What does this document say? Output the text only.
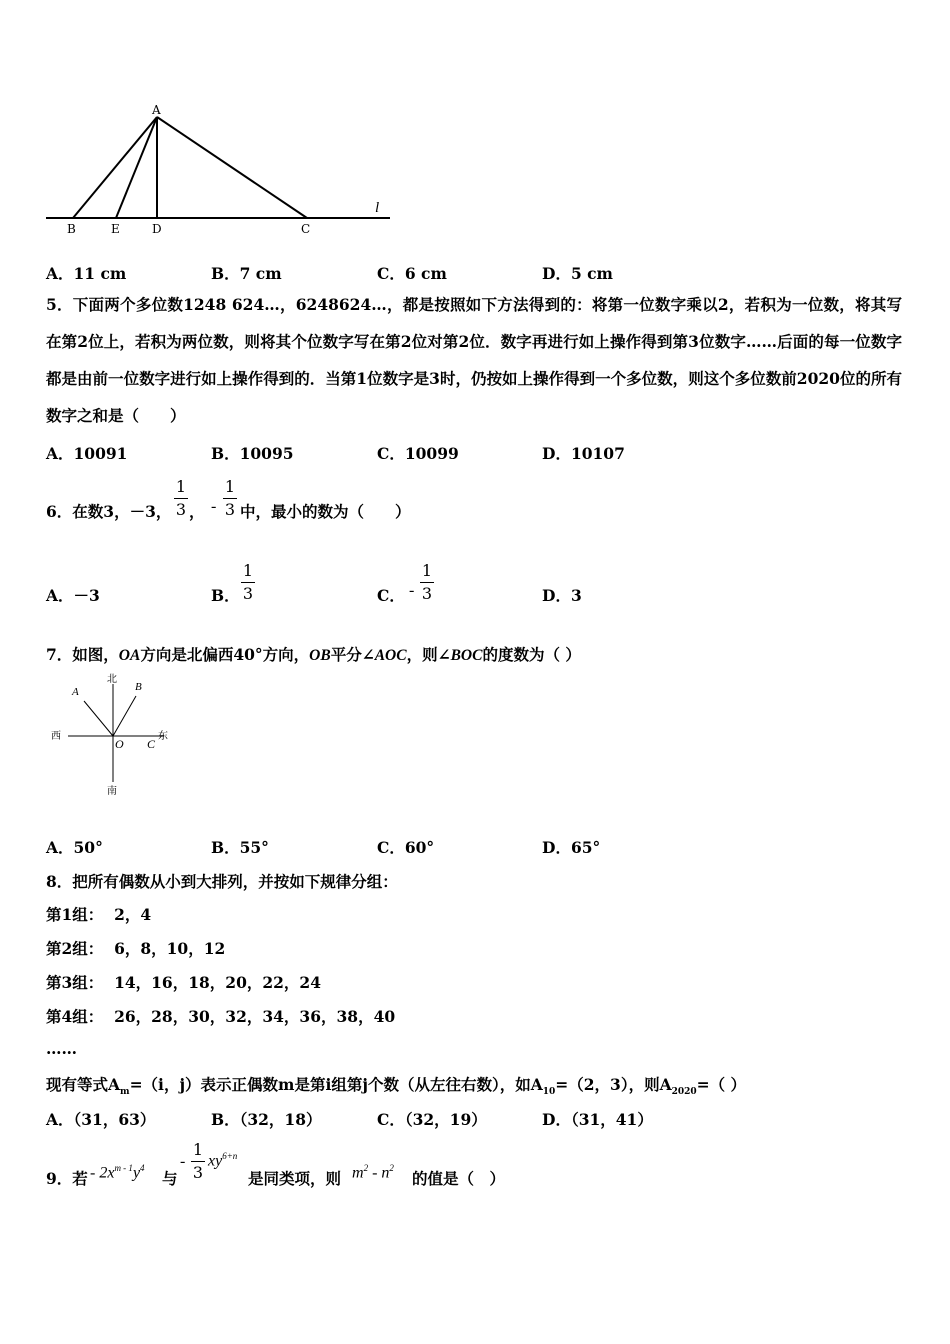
A
B	E	D	C
l
A．11 cm	B．7 cm	C．6 cm	D．5 cm
5．下面两个多位数1248 624…，6248624…，都是按照如下方法得到的：将第一位数字乘以2，若积为一位数，将其写在第2位上，若积为两位数，则将其个位数字写在第2位对第2位．数字再进行如上操作得到第3位数字……后面的每一位数字都是由前一位数字进行如上操作得到的．当第1位数字是3时，仍按如上操作得到一个多位数，则这个多位数前2020位的所有数字之和是（　　）
A．10091	B．10095	C．10099	D．10107
6．在数3，－3，
1
3 ， -
1
3 中，最小的数为（　　）
A．－3	B．
1
3	C． -
1
3	D．3
7．如图，OA方向是北偏西40°方向，OB平分∠AOC，则∠BOC的度数为（ ）
北
南
西	东
A	B
O C
A．50°	B．55°	C．60°	D．65°
8．把所有偶数从小到大排列，并按如下规律分组：
第1组：  2，4
第2组：  6，8，10，12
第3组：  14，16，18，20，22，24
第4组：  26，28，30，32，34，36，38，40
……
现有等式$A_m=(i$，j）表示正偶数m是第i组第j个数（从左往右数），如$A_{10}=(2$，3），则$A_{2020}=$（ ）
A．（31，63）	B．（32，18）	C．（32，19）	D．（31，41）
9．若 - $2x^{m - 1}y^4$
与
-
1
3
$xy^{6+n}$
是同类项，则 $m^2 - n^2$
的值是（　）
